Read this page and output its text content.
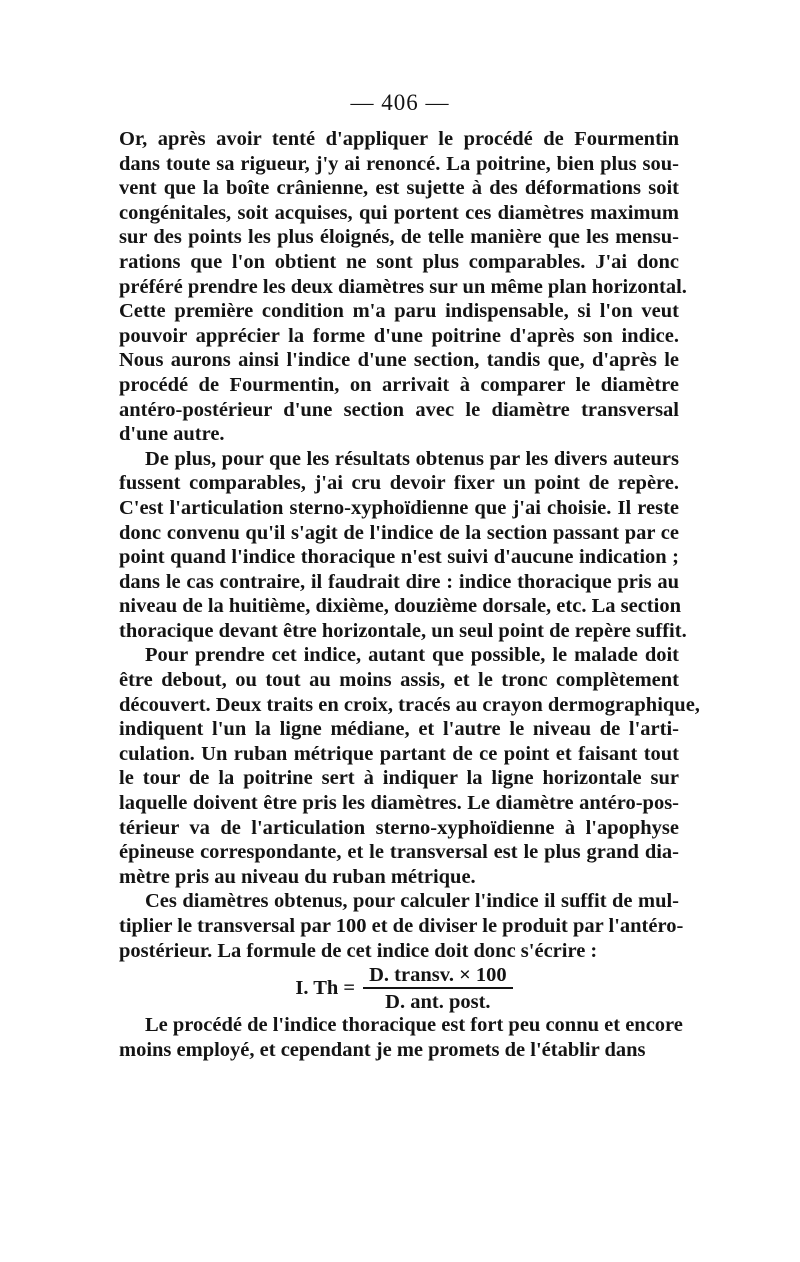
— 406 —
Or, après avoir tenté d'appliquer le procédé de Fourmentin
dans toute sa rigueur, j'y ai renoncé. La poitrine, bien plus sou-
vent que la boîte crânienne, est sujette à des déformations soit
congénitales, soit acquises, qui portent ces diamètres maximum
sur des points les plus éloignés, de telle manière que les mensu-
rations que l'on obtient ne sont plus comparables. J'ai donc
préféré prendre les deux diamètres sur un même plan horizontal.
Cette première condition m'a paru indispensable, si l'on veut
pouvoir apprécier la forme d'une poitrine d'après son indice.
Nous aurons ainsi l'indice d'une section, tandis que, d'après le
procédé de Fourmentin, on arrivait à comparer le diamètre
antéro-postérieur d'une section avec le diamètre transversal
d'une autre.
De plus, pour que les résultats obtenus par les divers auteurs
fussent comparables, j'ai cru devoir fixer un point de repère.
C'est l'articulation sterno-xyphoïdienne que j'ai choisie. Il reste
donc convenu qu'il s'agit de l'indice de la section passant par ce
point quand l'indice thoracique n'est suivi d'aucune indication ;
dans le cas contraire, il faudrait dire : indice thoracique pris au
niveau de la huitième, dixième, douzième dorsale, etc. La section
thoracique devant être horizontale, un seul point de repère suffit.
Pour prendre cet indice, autant que possible, le malade doit
être debout, ou tout au moins assis, et le tronc complètement
découvert. Deux traits en croix, tracés au crayon dermographique,
indiquent l'un la ligne médiane, et l'autre le niveau de l'arti-
culation. Un ruban métrique partant de ce point et faisant tout
le tour de la poitrine sert à indiquer la ligne horizontale sur
laquelle doivent être pris les diamètres. Le diamètre antéro-pos-
térieur va de l'articulation sterno-xyphoïdienne à l'apophyse
épineuse correspondante, et le transversal est le plus grand dia-
mètre pris au niveau du ruban métrique.
Ces diamètres obtenus, pour calculer l'indice il suffit de mul-
tiplier le transversal par 100 et de diviser le produit par l'antéro-
postérieur. La formule de cet indice doit donc s'écrire :
I. $Th = \frac{\text{D. transv. × 100}}{\text{D. ant. post.}}$
Le procédé de l'indice thoracique est fort peu connu et encore
moins employé, et cependant je me promets de l'établir dans
